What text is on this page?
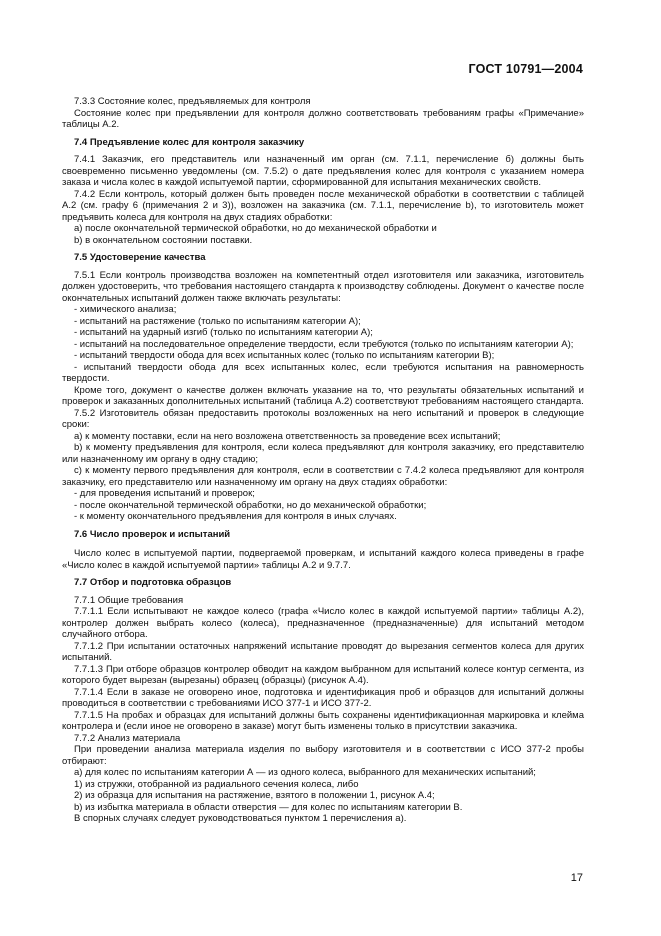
ГОСТ 10791—2004

7.3.3 Состояние колес, предъявляемых для контроля

Состояние колес при предъявлении для контроля должно соответствовать требованиям графы «Примечание» таблицы А.2.

7.4 Предъявление колес для контроля заказчику

7.4.1 Заказчик, его представитель или назначенный им орган (см. 7.1.1, перечисление б) должны быть своевременно письменно уведомлены (см. 7.5.2) о дате предъявления колес для контроля с указанием номера заказа и числа колес в каждой испытуемой партии, сформированной для испытания механических свойств.

7.4.2 Если контроль, который должен быть проведен после механической обработки в соответствии с таблицей А.2 (см. графу 6 (примечания 2 и 3)), возложен на заказчика (см. 7.1.1, перечисление b), то изготовитель может предъявить колеса для контроля на двух стадиях обработки:

а) после окончательной термической обработки, но до механической обработки и

b) в окончательном состоянии поставки.

7.5 Удостоверение качества

7.5.1 Если контроль производства возложен на компетентный отдел изготовителя или заказчика, изготовитель должен удостоверить, что требования настоящего стандарта к производству соблюдены. Документ о качестве после окончательных испытаний должен также включать результаты:

- химического анализа;

- испытаний на растяжение (только по испытаниям категории А);

- испытаний на ударный изгиб (только по испытаниям категории А);

- испытаний на последовательное определение твердости, если требуются (только по испытаниям категории А);

- испытаний твердости обода для всех испытанных колес (только по испытаниям категории В);

- испытаний твердости обода для всех испытанных колес, если требуются испытания на равномерность твердости.

Кроме того, документ о качестве должен включать указание на то, что результаты обязательных испытаний и проверок и заказанных дополнительных испытаний (таблица А.2) соответствуют требованиям настоящего стандарта.

7.5.2 Изготовитель обязан предоставить протоколы возложенных на него испытаний и проверок в следующие сроки:

а) к моменту поставки, если на него возложена ответственность за проведение всех испытаний;

b) к моменту предъявления для контроля, если колеса предъявляют для контроля заказчику, его представителю или назначенному им органу в одну стадию;

с) к моменту первого предъявления для контроля, если в соответствии с 7.4.2 колеса предъявляют для контроля заказчику, его представителю или назначенному им органу на двух стадиях обработки:

- для проведения испытаний и проверок;

- после окончательной термической обработки, но до механической обработки;

- к моменту окончательного предъявления для контроля в иных случаях.

7.6 Число проверок и испытаний

Число колес в испытуемой партии, подвергаемой проверкам, и испытаний каждого колеса приведены в графе «Число колес в каждой испытуемой партии» таблицы А.2 и 9.7.7.

7.7 Отбор и подготовка образцов

7.7.1 Общие требования

7.7.1.1 Если испытывают не каждое колесо (графа «Число колес в каждой испытуемой партии» таблицы А.2), контролер должен выбрать колесо (колеса), предназначенное (предназначенные) для испытаний методом случайного отбора.

7.7.1.2 При испытании остаточных напряжений испытание проводят до вырезания сегментов колеса для других испытаний.

7.7.1.3 При отборе образцов контролер обводит на каждом выбранном для испытаний колесе контур сегмента, из которого будет вырезан (вырезаны) образец (образцы) (рисунок А.4).

7.7.1.4 Если в заказе не оговорено иное, подготовка и идентификация проб и образцов для испытаний должны проводиться в соответствии с требованиями ИСО 377-1 и ИСО 377-2.

7.7.1.5 На пробах и образцах для испытаний должны быть сохранены идентификационная маркировка и клейма контролера и (если иное не оговорено в заказе) могут быть изменены только в присутствии заказчика.

7.7.2 Анализ материала

При проведении анализа материала изделия по выбору изготовителя и в соответствии с ИСО 377-2 пробы отбирают:

а) для колес по испытаниям категории А — из одного колеса, выбранного для механических испытаний;

1) из стружки, отобранной из радиального сечения колеса, либо

2) из образца для испытания на растяжение, взятого в положении 1, рисунок А.4;

b) из избытка материала в области отверстия — для колес по испытаниям категории В.

В спорных случаях следует руководствоваться пунктом 1 перечисления а).

17
